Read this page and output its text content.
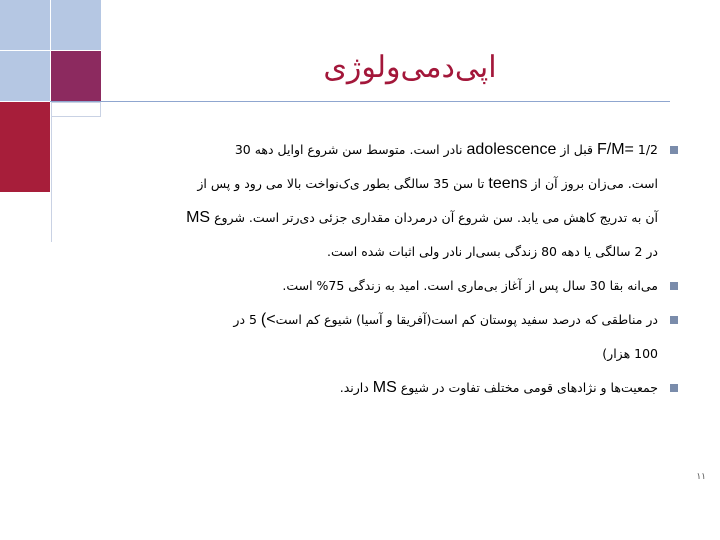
اپی‌دمی‌ولوژی
1/2 F/M= قبل از adolescence نادر است. متوسط سن شروع اوایل دهه 30
است. می‌زان بروز آن از teens تا سن 35 سالگی بطور ی‌ک‌نواخت بالا می رود و پس از
آن به تدریج کاهش می یابد. سن شروع آن درمردان مقداری جزئی دی‌رتر است. شروع MS
در 2 سالگی یا دهه 80 زندگی بسی‌ار نادر ولی اثبات شده است.
می‌انه بقا 30 سال پس از آغاز بی‌ماری است. امید به زندگی 75% است.
در مناطقی که درصد سفید پوستان کم است(آفریقا و آسیا) شیوع کم است(< 5 در
100 هزار)
جمعیت‌ها و نژادهای قومی مختلف تفاوت در شیوع MS دارند.
۱۱
